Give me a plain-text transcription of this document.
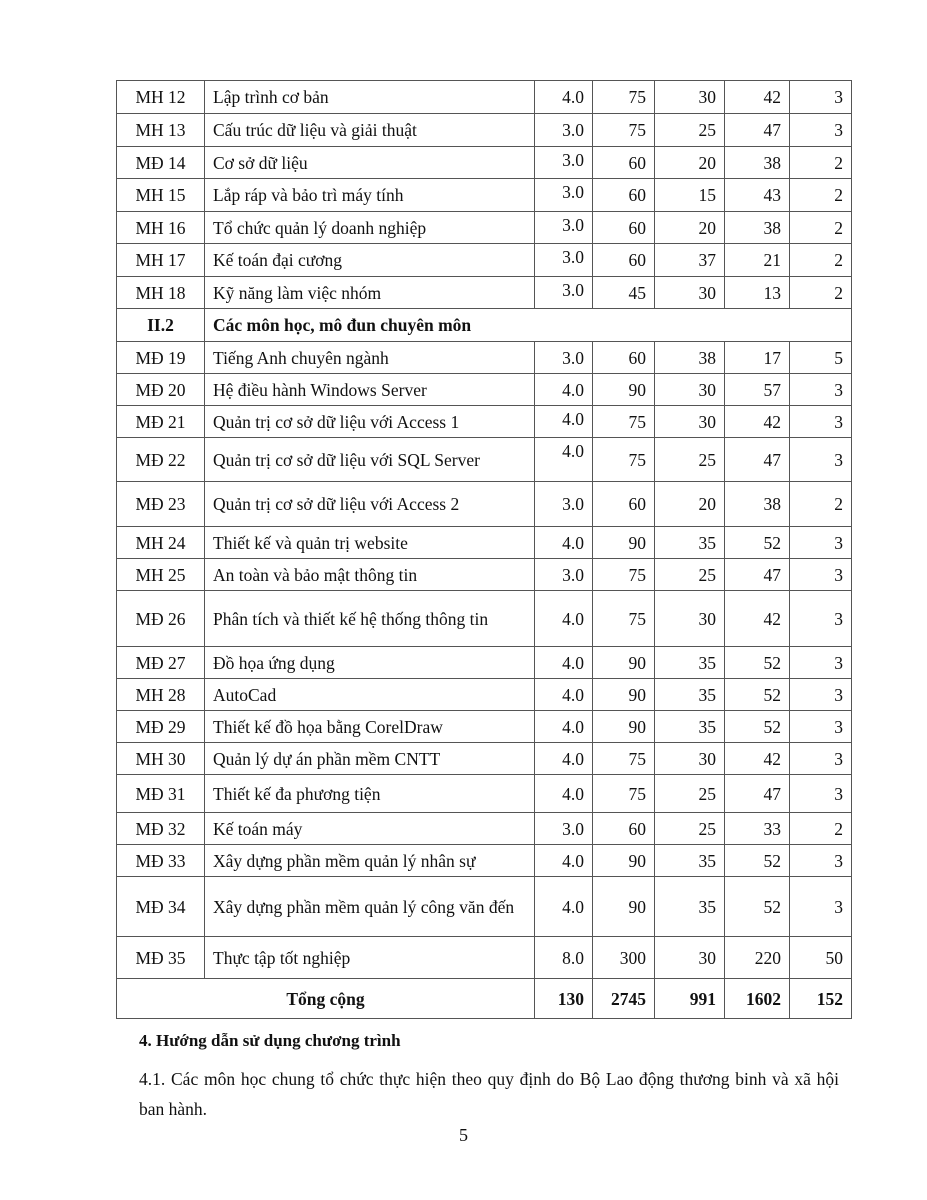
MH 12	Lập trình cơ bản	4.0	75	30	42	3
MH 13	Cấu trúc dữ liệu và giải thuật	3.0	75	25	47	3
MĐ 14	Cơ sở dữ liệu	3.0	60	20	38	2
MH 15	Lắp ráp và bảo trì máy tính	3.0	60	15	43	2
MH 16	Tổ chức quản lý doanh nghiệp	3.0	60	20	38	2
MH 17	Kế toán đại cương	3.0	60	37	21	2
MH 18	Kỹ năng làm việc nhóm	3.0	45	30	13	2
II.2	Các môn học, mô đun chuyên môn					
MĐ 19	Tiếng Anh chuyên ngành	3.0	60	38	17	5
MĐ 20	Hệ điều hành Windows Server	4.0	90	30	57	3
MĐ 21	Quản trị cơ sở dữ liệu với Access 1	4.0	75	30	42	3
MĐ 22	Quản trị cơ sở dữ liệu với SQL Server	4.0	75	25	47	3
MĐ 23	Quản trị cơ sở dữ liệu với Access 2	3.0	60	20	38	2
MH 24	Thiết kế và quản trị website	4.0	90	35	52	3
MH 25	An toàn và bảo mật thông tin	3.0	75	25	47	3
MĐ 26	Phân tích và thiết kế hệ thống thông tin	4.0	75	30	42	3
MĐ 27	Đồ họa ứng dụng	4.0	90	35	52	3
MH 28	AutoCad	4.0	90	35	52	3
MĐ 29	Thiết kế đồ họa bằng CorelDraw	4.0	90	35	52	3
MH 30	Quản lý dự án phần mềm CNTT	4.0	75	30	42	3
MĐ 31	Thiết kế đa phương tiện	4.0	75	25	47	3
MĐ 32	Kế toán máy	3.0	60	25	33	2
MĐ 33	Xây dựng phần mềm quản lý nhân sự	4.0	90	35	52	3
MĐ 34	Xây dựng phần mềm quản lý công văn đến	4.0	90	35	52	3
MĐ 35	Thực tập tốt nghiệp	8.0	300	30	220	50
Tổng cộng		130	2745	991	1602	152
4. Hướng dẫn sử dụng chương trình
4.1. Các môn học chung tổ chức thực hiện theo quy định do Bộ Lao động thương binh và xã hội ban hành.
5
